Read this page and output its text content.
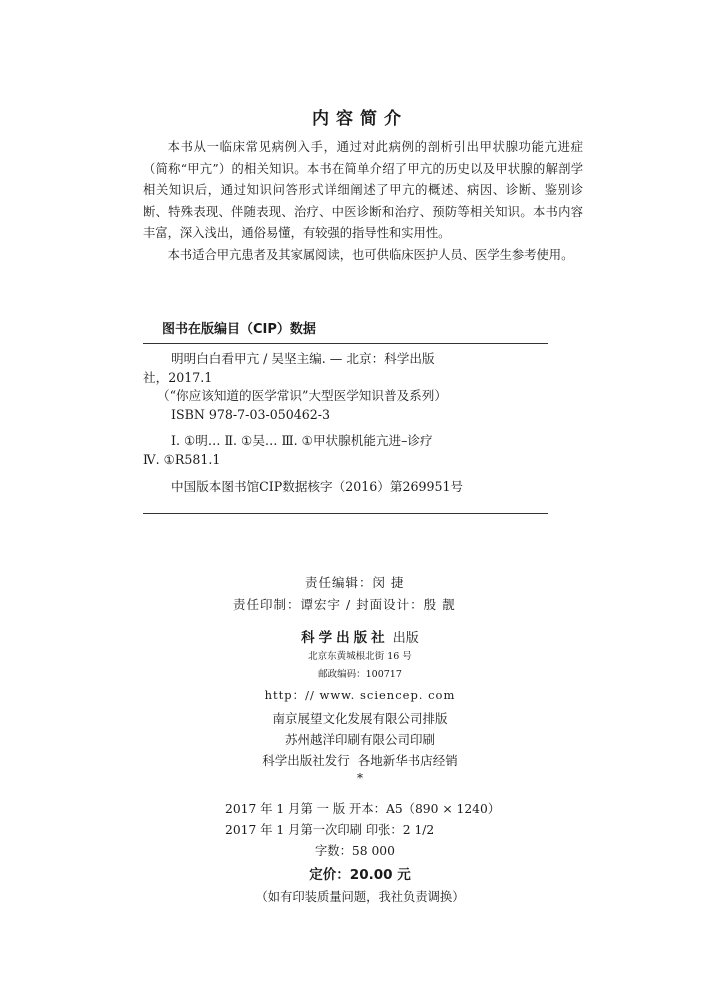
内容简介

本书从一临床常见病例入手，通过对此病例的剖析引出甲状腺功能亢进症（简称“甲亢”）的相关知识。本书在简单介绍了甲亢的历史以及甲状腺的解剖学相关知识后，通过知识问答形式详细阐述了甲亢的概述、病因、诊断、鉴别诊断、特殊表现、伴随表现、治疗、中医诊断和治疗、预防等相关知识。本书内容丰富，深入浅出，通俗易懂，有较强的指导性和实用性。

本书适合甲亢患者及其家属阅读，也可供临床医护人员、医学生参考使用。

图书在版编目（CIP）数据
明明白白看甲亢 / 吴坚主编. — 北京：科学出版
社，2017.1
（“你应该知道的医学常识”大型医学知识普及系列）
ISBN 978-7-03-050462-3
Ⅰ. ①明… Ⅱ. ①吴… Ⅲ. ①甲状腺机能亢进–诊疗
Ⅳ. ①R581.1
中国版本图书馆CIP数据核字（2016）第269951号
责任编辑：闵 捷
责任印制：谭宏宇 / 封面设计：殷 靓
科学出版社 出版
北京东黄城根北街 16 号
邮政编码：100717
http：// www. sciencep. com
南京展望文化发展有限公司排版
苏州越洋印刷有限公司印刷
科学出版社发行 各地新华书店经销
*
2017 年 1 月第 一 版 开本：A5（890 × 1240）
2017 年 1 月第一次印刷 印张：2 1/2
字数：58 000
定价：20.00 元
（如有印装质量问题，我社负责调换）
